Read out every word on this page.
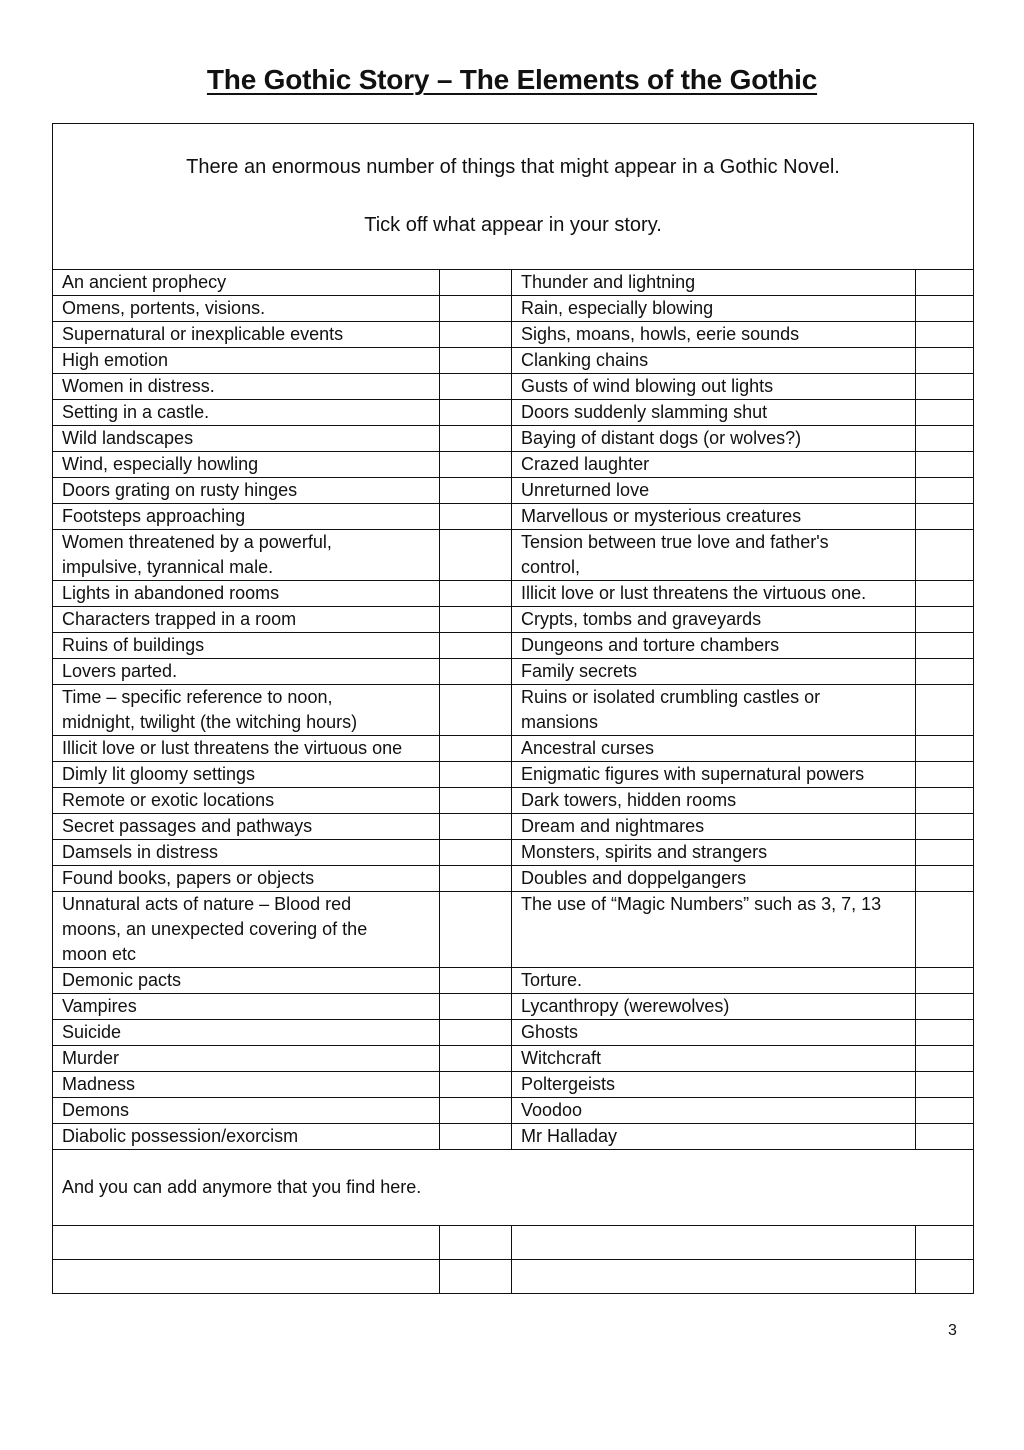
The Gothic Story – The Elements of the Gothic

There an enormous number of things that might appear in a Gothic Novel.

Tick off what appear in your story.			

An ancient prophecy		Thunder and lightning	
Omens, portents, visions.		Rain, especially blowing	
Supernatural or inexplicable events		Sighs, moans, howls, eerie sounds	
High emotion		Clanking chains	
Women in distress.		Gusts of wind blowing out lights	
Setting in a castle.		Doors suddenly slamming shut	
Wild landscapes		Baying of distant dogs (or wolves?)	
Wind, especially howling		Crazed laughter	
Doors grating on rusty hinges		Unreturned love	
Footsteps approaching		Marvellous or mysterious creatures	
Women threatened by a powerful,
impulsive, tyrannical male.		Tension between true love and father's
control,	
Lights in abandoned rooms		Illicit love or lust threatens the virtuous one.	
Characters trapped in a room		Crypts, tombs and graveyards	
Ruins of buildings		Dungeons and torture chambers	
Lovers parted.		Family secrets	
Time – specific reference to noon,
midnight, twilight (the witching hours)		Ruins or isolated crumbling castles or
mansions	
Illicit love or lust threatens the virtuous one		Ancestral curses	
Dimly lit gloomy settings		Enigmatic figures with supernatural powers	
Remote or exotic locations		Dark towers, hidden rooms	
Secret passages and pathways		Dream and nightmares	
Damsels in distress		Monsters, spirits and strangers	
Found books, papers or objects		Doubles and doppelgangers	
Unnatural acts of nature – Blood red
moons, an unexpected covering of the
moon etc		The use of “Magic Numbers” such as 3, 7, 13	
Demonic pacts		Torture.	
Vampires		Lycanthropy (werewolves)	
Suicide		Ghosts	
Murder		Witchcraft	
Madness		Poltergeists	
Demons		Voodoo	
Diabolic possession/exorcism		Mr Halladay	
And you can add anymore that you find here.			

3
